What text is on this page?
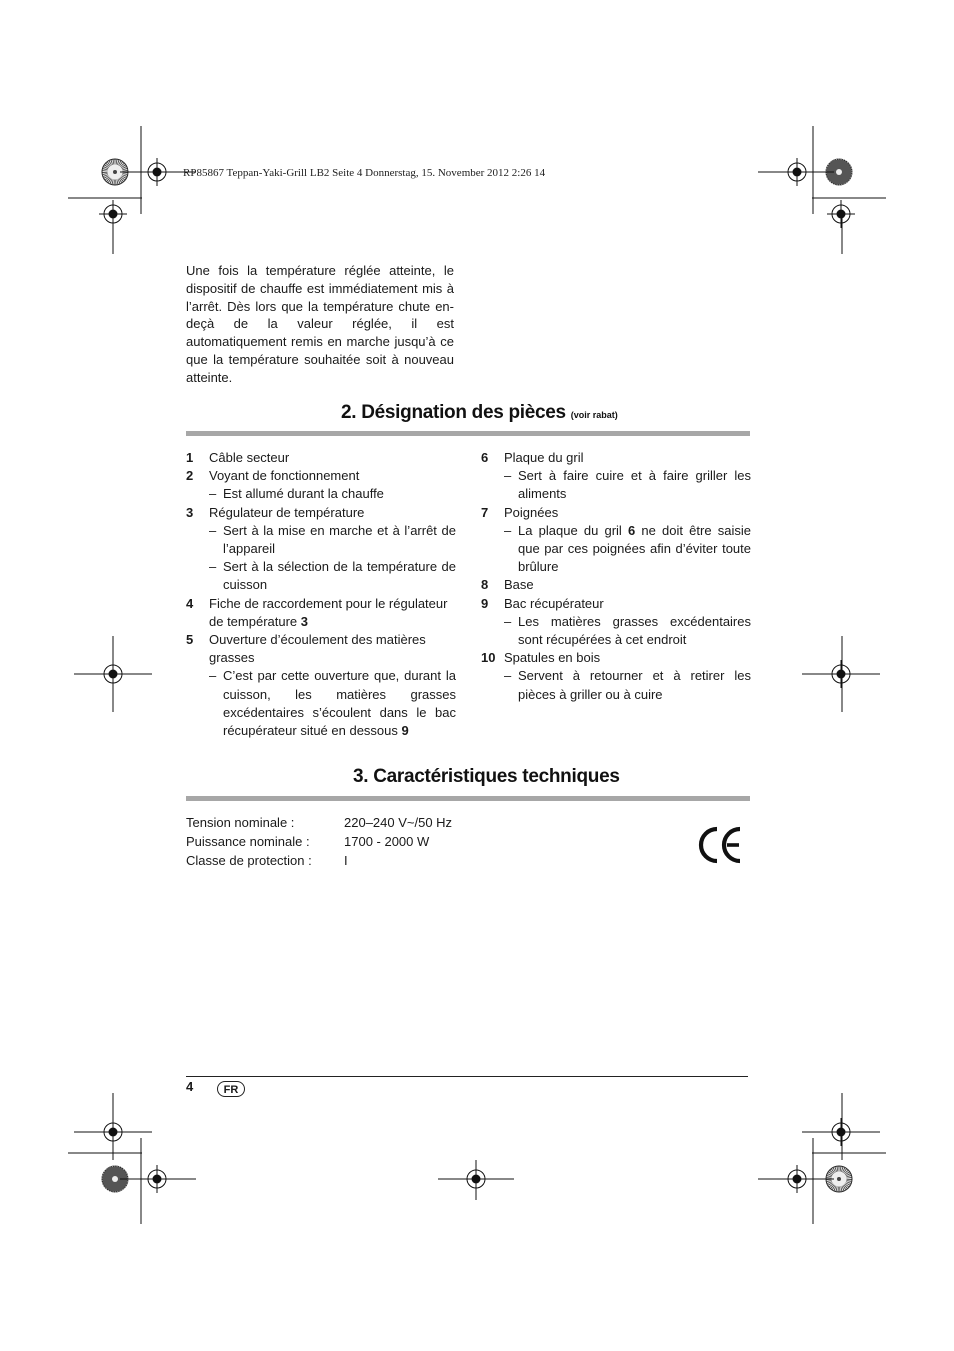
RP85867 Teppan-Yaki-Grill LB2 Seite 4 Donnerstag, 15. November 2012 2:26 14
Une fois la température réglée atteinte, le dispositif de chauffe est immédiatement mis à l’arrêt. Dès lors que la température chute en-deçà de la valeur réglée, il est automatiquement remis en marche jusqu’à ce que la température souhaitée soit à nouveau atteinte.
2. Désignation des pièces (voir rabat)
1	Câble secteur
2	Voyant de fonctionnement
– Est allumé durant la chauffe
3	Régulateur de température
– Sert à la mise en marche et à l’arrêt de l’appareil
– Sert à la sélection de la température de cuisson
4	Fiche de raccordement pour le régulateur de température 3
5	Ouverture d’écoulement des matières grasses
– C’est par cette ouverture que, durant la cuisson, les matières grasses excédentaires s’écoulent dans le bac récupérateur situé en dessous 9
6	Plaque du gril
– Sert à faire cuire et à faire griller les aliments
7	Poignées
– La plaque du gril 6 ne doit être saisie que par ces poignées afin d’éviter toute brûlure
8	Base
9	Bac récupérateur
– Les matières grasses excédentaires sont récupérées à cet endroit
10 Spatules en bois
– Servent à retourner et à retirer les pièces à griller ou à cuire
3. Caractéristiques techniques
Tension nominale :	220–240 V~/50 Hz
Puissance nominale :	1700 - 2000 W
Classe de protection :	I
4	FR
